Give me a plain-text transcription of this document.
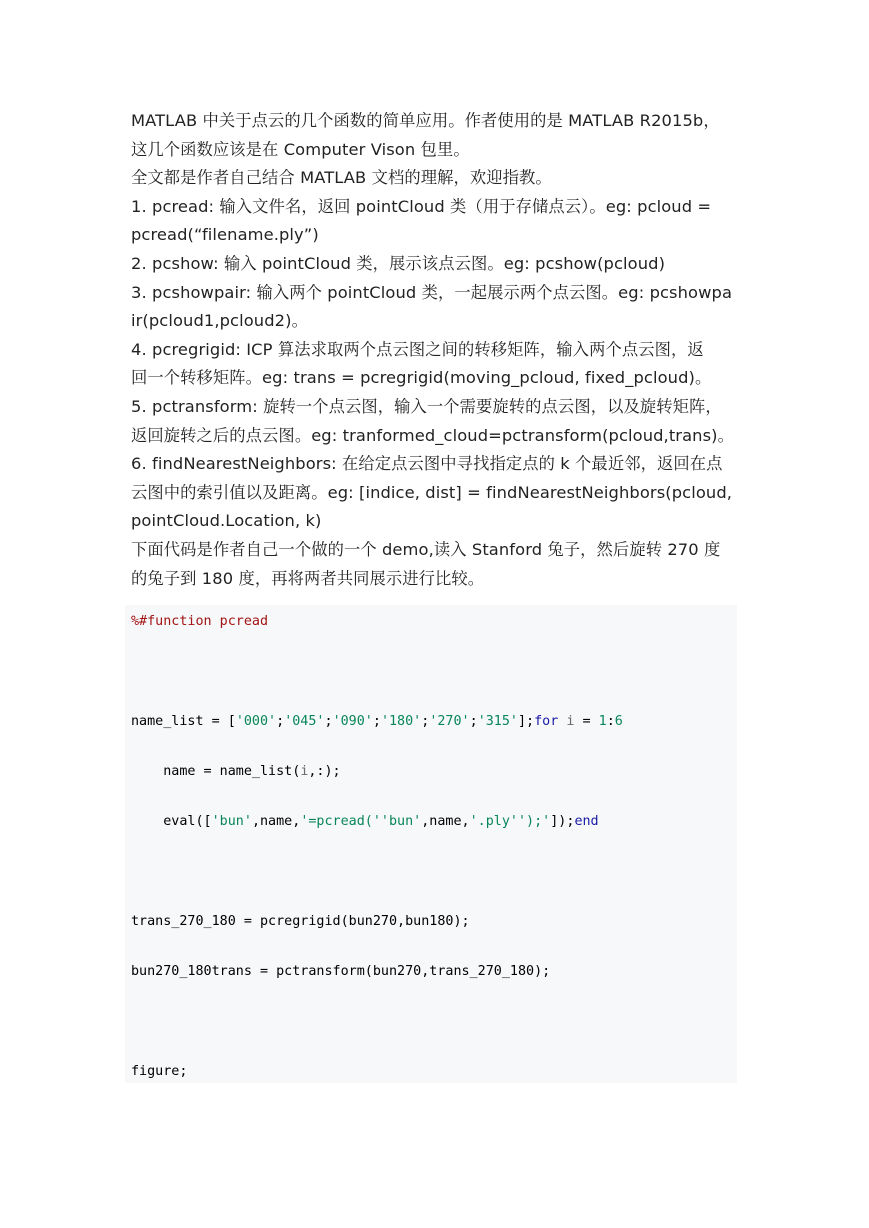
MATLAB 中关于点云的几个函数的简单应用。作者使用的是 MATLAB R2015b，
这几个函数应该是在 Computer Vison 包里。
全文都是作者自己结合 MATLAB 文档的理解，欢迎指教。
1. pcread: 输入文件名，返回 pointCloud 类（用于存储点云）。eg: pcloud =
pcread(“filename.ply”)
2. pcshow: 输入 pointCloud 类，展示该点云图。eg: pcshow(pcloud)
3. pcshowpair: 输入两个 pointCloud 类，一起展示两个点云图。eg: pcshowpa
ir(pcloud1,pcloud2)。
4. pcregrigid: ICP 算法求取两个点云图之间的转移矩阵，输入两个点云图，返
回一个转移矩阵。eg: trans = pcregrigid(moving_pcloud, fixed_pcloud)。
5. pctransform: 旋转一个点云图，输入一个需要旋转的点云图，以及旋转矩阵，
返回旋转之后的点云图。eg: tranformed_cloud=pctransform(pcloud,trans)。
6. findNearestNeighbors: 在给定点云图中寻找指定点的 k 个最近邻，返回在点
云图中的索引值以及距离。eg: [indice, dist] = findNearestNeighbors(pcloud,
pointCloud.Location, k)
下面代码是作者自己一个做的一个 demo,读入 Stanford 兔子，然后旋转 270 度
的兔子到 180 度，再将两者共同展示进行比较。
%#function pcread
name_list = ['000';'045';'090';'180';'270';'315'];for i = 1:6
name = name_list(i,:);
eval(['bun',name,'=pcread(''bun',name,'.ply'');']);end
trans_270_180 = pcregrigid(bun270,bun180);
bun270_180trans = pctransform(bun270,trans_270_180);
figure;
